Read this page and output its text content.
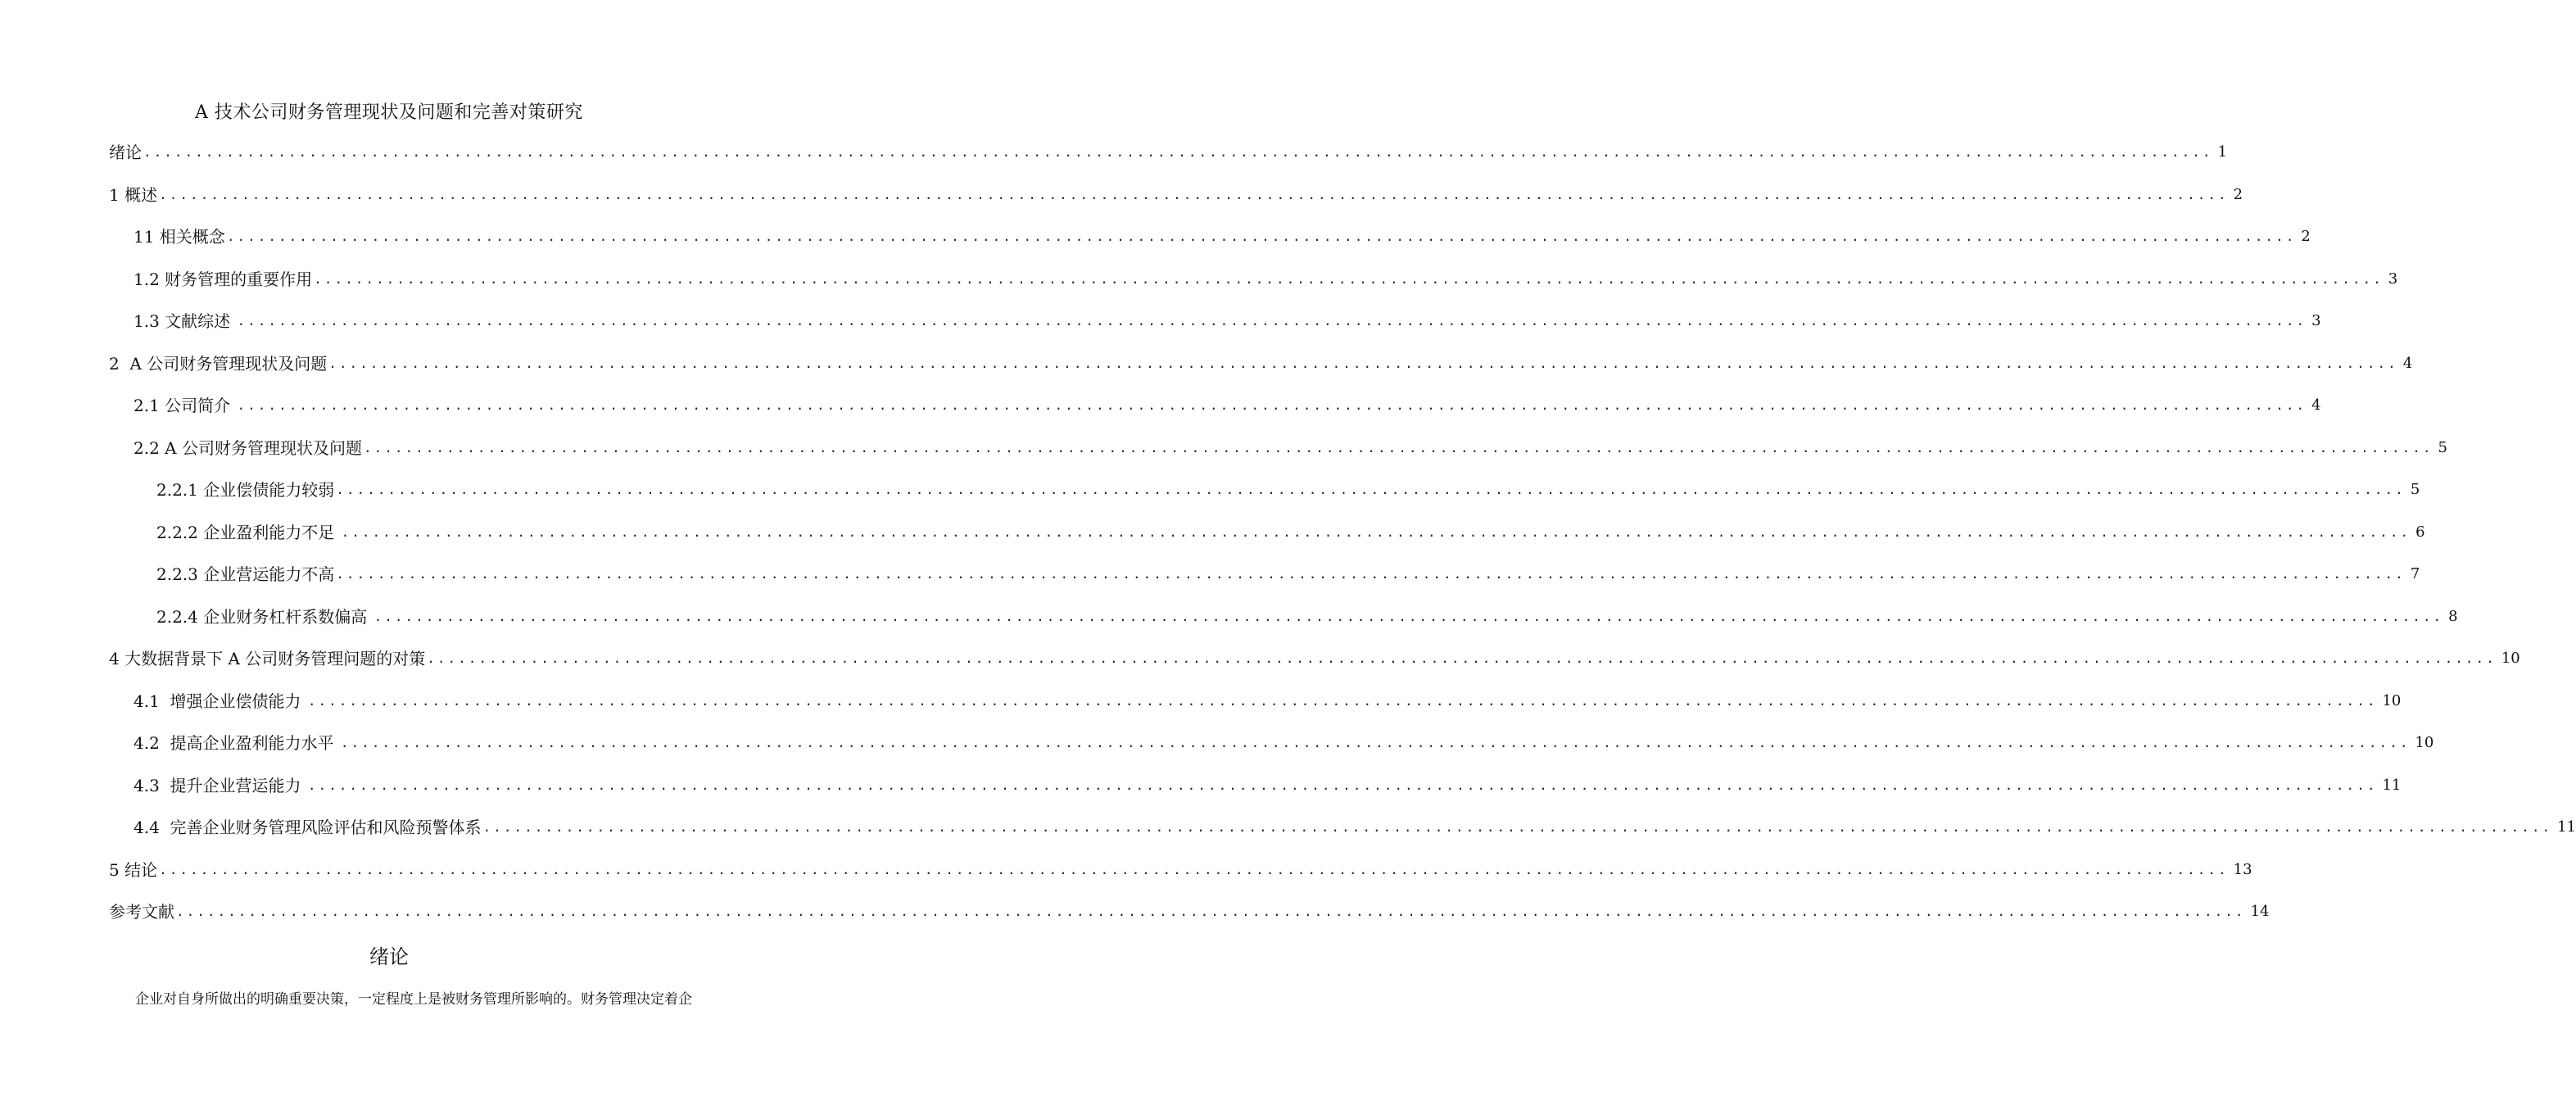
A 技术公司财务管理现状及问题和完善对策研究
绪论 ........................................................................................................................................................................................................ 1
1 概述 ........................................................................................................................................................................................................ 2
11 相关概念 ........................................................................................................................................................................................................ 2
1.2 财务管理的重要作用 ........................................................................................................................................................................................................ 3
1.3 文献综述 ........................................................................................................................................................................................................ 3
2  A 公司财务管理现状及问题 ........................................................................................................................................................................................................ 4
2.1 公司简介 ........................................................................................................................................................................................................ 4
2.2 A 公司财务管理现状及问题 ........................................................................................................................................................................................................ 5
2.2.1 企业偿债能力较弱 ........................................................................................................................................................................................................ 5
2.2.2 企业盈利能力不足 ........................................................................................................................................................................................................ 6
2.2.3 企业营运能力不高 ........................................................................................................................................................................................................ 7
2.2.4 企业财务杠杆系数偏高 ........................................................................................................................................................................................................ 8
4 大数据背景下 A 公司财务管理问题的对策 ........................................................................................................................................................................................................ 10
4.1  增强企业偿债能力 ........................................................................................................................................................................................................ 10
4.2  提高企业盈利能力水平 ........................................................................................................................................................................................................ 10
4.3  提升企业营运能力 ........................................................................................................................................................................................................ 11
4.4  完善企业财务管理风险评估和风险预警体系 ........................................................................................................................................................................................................ 11
5 结论 ........................................................................................................................................................................................................ 13
参考文献 ........................................................................................................................................................................................................ 14
绪论

企业对自身所做出的明确重要决策，一定程度上是被财务管理所影响的。财务管理决定着企
